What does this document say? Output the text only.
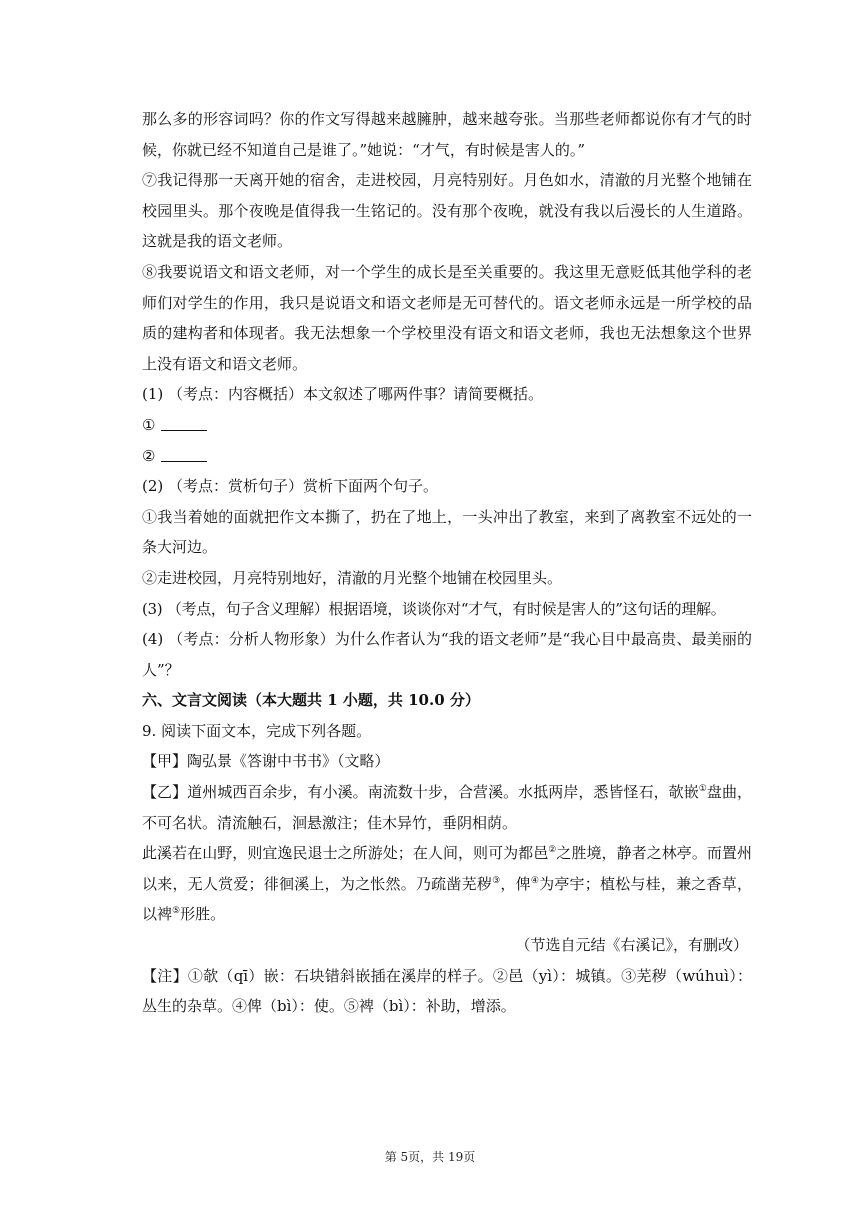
那么多的形容词吗？你的作文写得越来越臃肿，越来越夸张。当那些老师都说你有才气的时候，你就已经不知道自己是谁了。”她说：“才气，有时候是害人的。”

⑦我记得那一天离开她的宿舍，走进校园，月亮特别好。月色如水，清澈的月光整个地铺在校园里头。那个夜晚是值得我一生铭记的。没有那个夜晚，就没有我以后漫长的人生道路。这就是我的语文老师。

⑧我要说语文和语文老师，对一个学生的成长是至关重要的。我这里无意贬低其他学科的老师们对学生的作用，我只是说语文和语文老师是无可替代的。语文老师永远是一所学校的品质的建构者和体现者。我无法想象一个学校里没有语文和语文老师，我也无法想象这个世界上没有语文和语文老师。

(1) （考点：内容概括）本文叙述了哪两件事？请简要概括。

①

②

(2) （考点：赏析句子）赏析下面两个句子。

①我当着她的面就把作文本撕了，扔在了地上，一头冲出了教室，来到了离教室不远处的一条大河边。

②走进校园，月亮特别地好，清澈的月光整个地铺在校园里头。

(3) （考点，句子含义理解）根据语境，谈谈你对“才气，有时候是害人的”这句话的理解。

(4) （考点：分析人物形象）为什么作者认为“我的语文老师”是“我心目中最高贵、最美丽的人”？

六、文言文阅读（本大题共 1 小题，共 10.0 分）

9. 阅读下面文本，完成下列各题。

【甲】陶弘景《答谢中书书》（文略）

【乙】道州城西百余步，有小溪。南流数十步，合营溪。水抵两岸，悉皆怪石，欹嵌①盘曲，不可名状。清流触石，洄悬激注；佳木异竹，垂阴相荫。

此溪若在山野，则宜逸民退士之所游处；在人间，则可为都邑②之胜境，静者之林亭。而置州以来，无人赏爱；徘徊溪上，为之怅然。乃疏凿芜秽③，俾④为亭宇；植松与桂，兼之香草，以裨⑤形胜。

（节选自元结《右溪记》，有删改）

【注】①欹（qī）嵌：石块错斜嵌插在溪岸的样子。②邑（yì）：城镇。③芜秽（wúhuì）：丛生的杂草。④俾（bì）：使。⑤裨（bì）：补助，增添。

第 5页，共 19页
